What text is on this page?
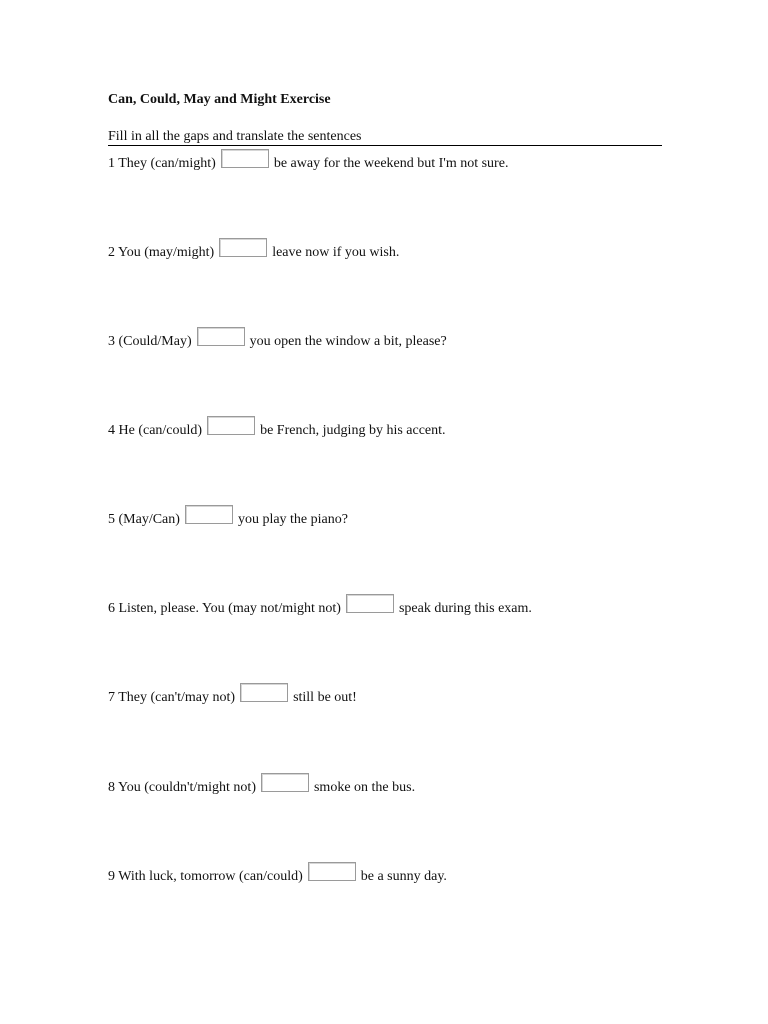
Can, Could, May and Might Exercise
Fill in all the gaps and translate the sentences
1 They (can/might)	be away for the weekend but I'm not sure.
2 You (may/might)	leave now if you wish.
3 (Could/May)	you open the window a bit, please?
4 He (can/could)	be French, judging by his accent.
5 (May/Can)	you play the piano?
6 Listen, please. You (may not/might not)	speak during this exam.
7 They (can't/may not)	still be out!
8 You (couldn't/might not)	smoke on the bus.
9 With luck, tomorrow (can/could)	be a sunny day.
